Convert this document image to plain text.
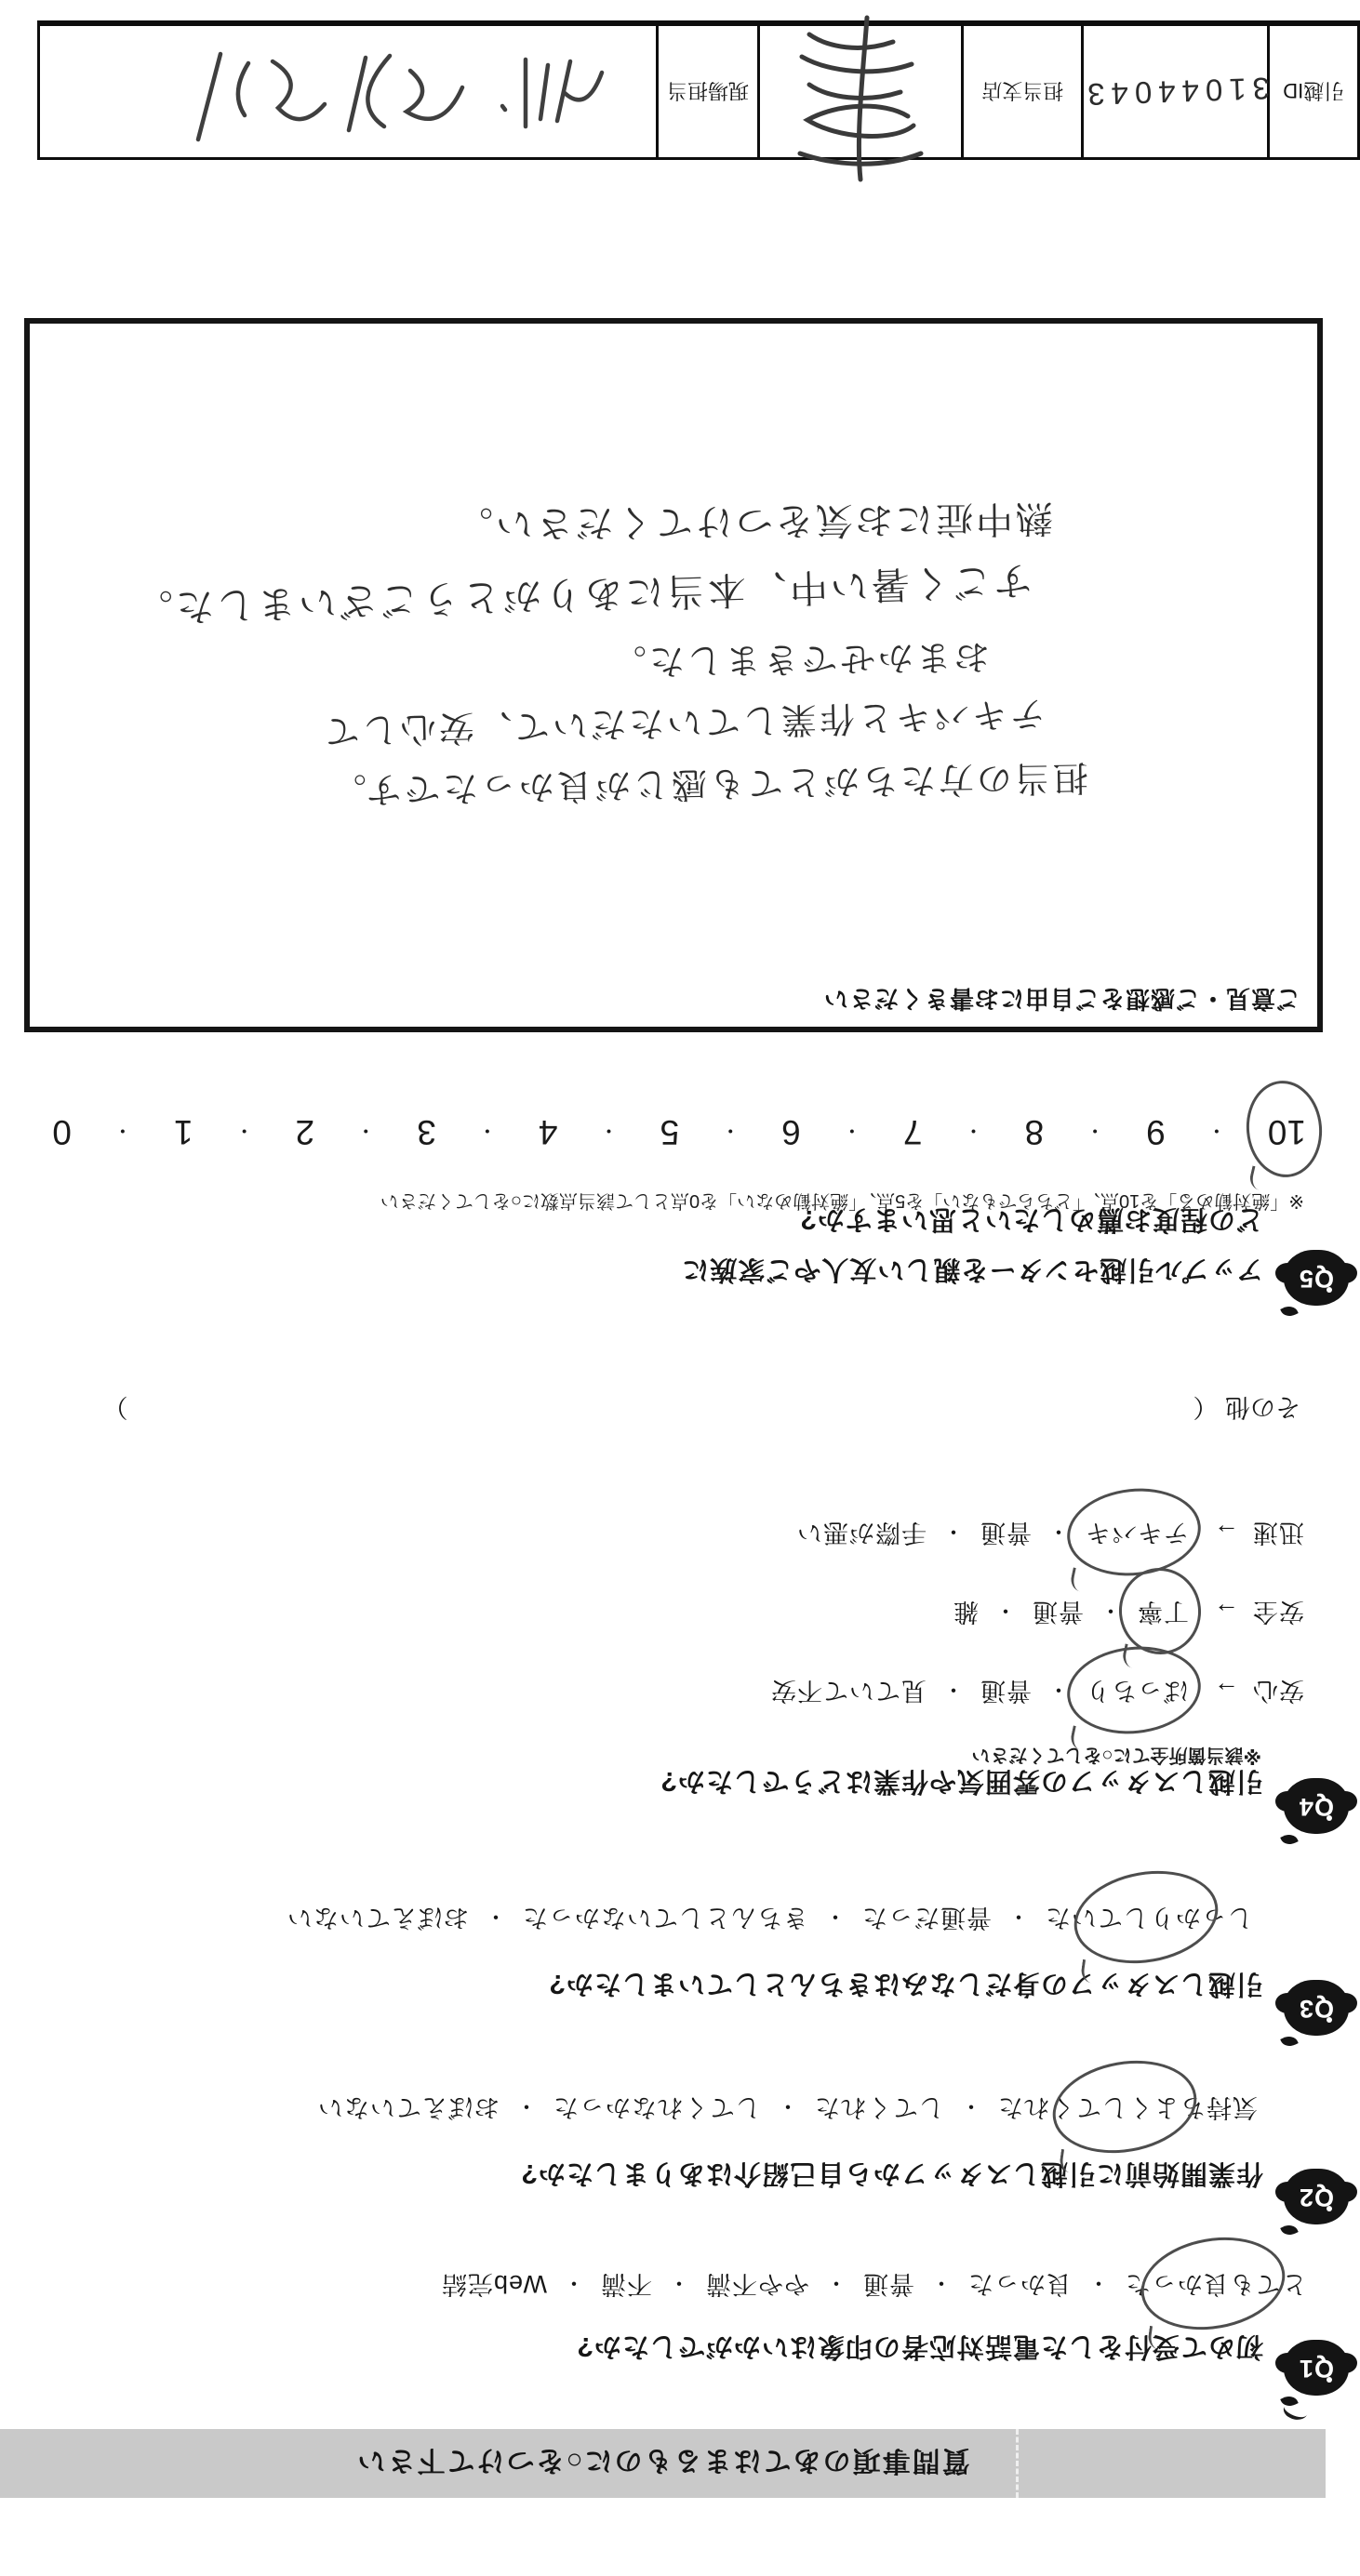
質問事項のあてはまるものに○をつけて下さい
Q1
初めて受付をした電話対応者の印象はいかがでしたか?
とても良かった・良かった・普通・やや不満・不満・Web完結
Q2
作業開始前に引越しスタッフから自己紹介はありましたか?
気持ちよくしてくれた・してくれた・してくれなかった・おぼえていない
Q3
引越しスタッフの身だしなみはきちんとしていましたか?
しっかりしていた・普通だった・きちんとしていなかった・おぼえていない
Q4
引越しスタッフの雰囲気や作業はどうでしたか?
※該当箇所全てに○をしてください
安心→ばっちり・普通・見ていて不安
安全→丁寧・普通・雑
迅速→テキパキ・普通・手際が悪い
その他 （  ）
Q5
アップル引越センターを親しい友人やご家族に
どの程度お薦めしたいと思いますか?
※「絶対勧める」を10点、「どちらでもない」を5点、「絶対勧めない」を0点として該当点数に○をしてください
10
・
9
・
8
・
7
・
6
・
5
・
4
・
3
・
2
・
1
・
0
ご意見・ご感想をご自由にお書きください
担当の方たちがとても感じが良かったです。
テキパキと作業していただいて、安心して
おまかせできました。
すごく暑い中、本当にありがとうございました。
熱中症にお気をつけてください。
引越ID
31044043
担当支店
現場担当
